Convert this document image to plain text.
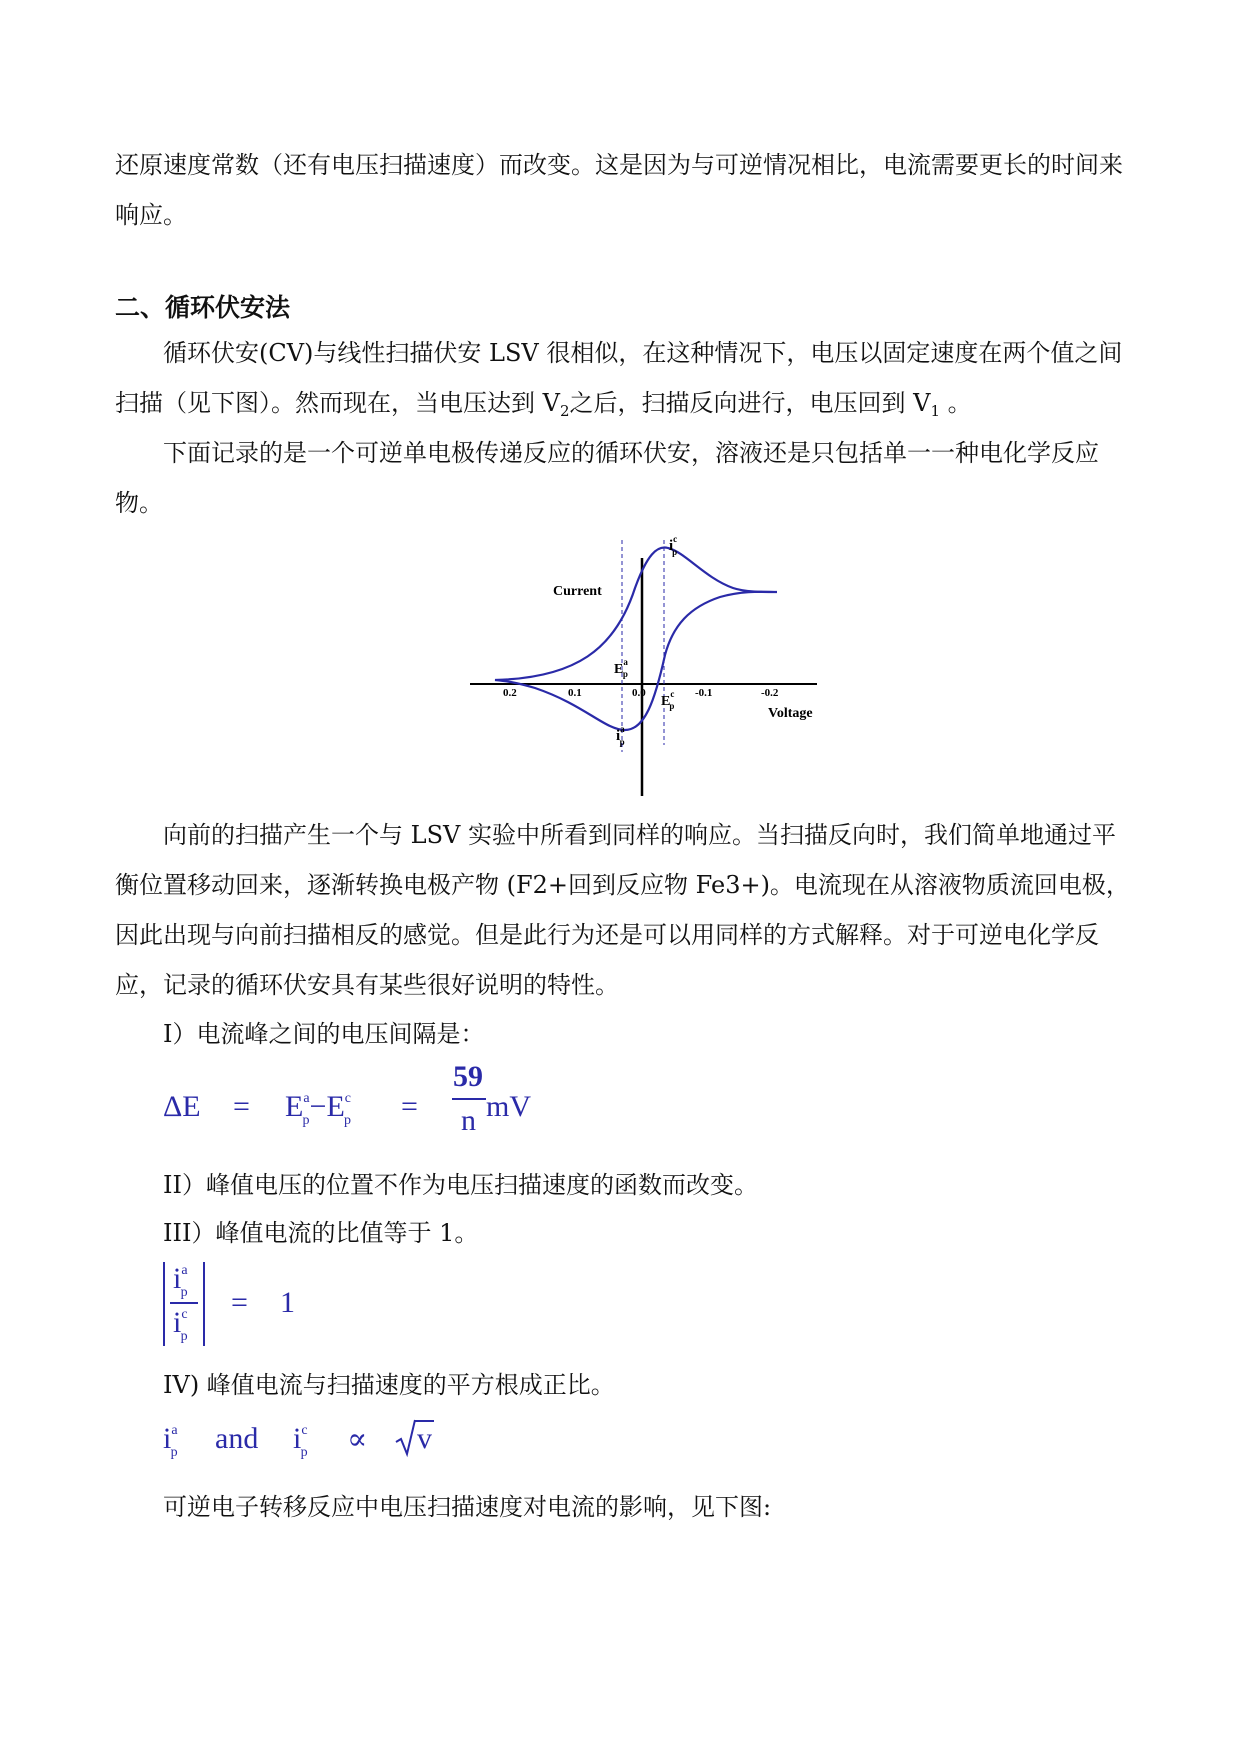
还原速度常数（还有电压扫描速度）而改变。这是因为与可逆情况相比，电流需要更长的时间来响应。

二、循环伏安法

循环伏安(CV)与线性扫描伏安 LSV 很相似，在这种情况下，电压以固定速度在两个值之间扫描（见下图）。然而现在，当电压达到 $V_2$之后，扫描反向进行，电压回到 $V_1$ 。

下面记录的是一个可逆单电极传递反应的循环伏安，溶液还是只包括单一一种电化学反应物。

0.2	0.1	0.0	-0.1	-0.2
Current
Voltage
$i^c$ p
$E^a$ p
$E^c$ p
$i^a$ p

向前的扫描产生一个与 LSV 实验中所看到同样的响应。当扫描反向时，我们简单地通过平衡位置移动回来，逐渐转换电极产物 (F2+回到反应物 Fe3+)。电流现在从溶液物质流回电极，因此出现与向前扫描相反的感觉。但是此行为还是可以用同样的方式解释。对于可逆电化学反应，记录的循环伏安具有某些很好说明的特性。

I）电流峰之间的电压间隔是：
$\Delta E = E^a_p-E^c_p$ =
59
n mV
II）峰值电压的位置不作为电压扫描速度的函数而改变。
III）峰值电流的比值等于 1。
$i^a_p$
$i^c_p$
= 1
IV) 峰值电流与扫描速度的平方根成正比。
$i^a_p$ and $i^c_p \propto v$
可逆电子转移反应中电压扫描速度对电流的影响，见下图:
